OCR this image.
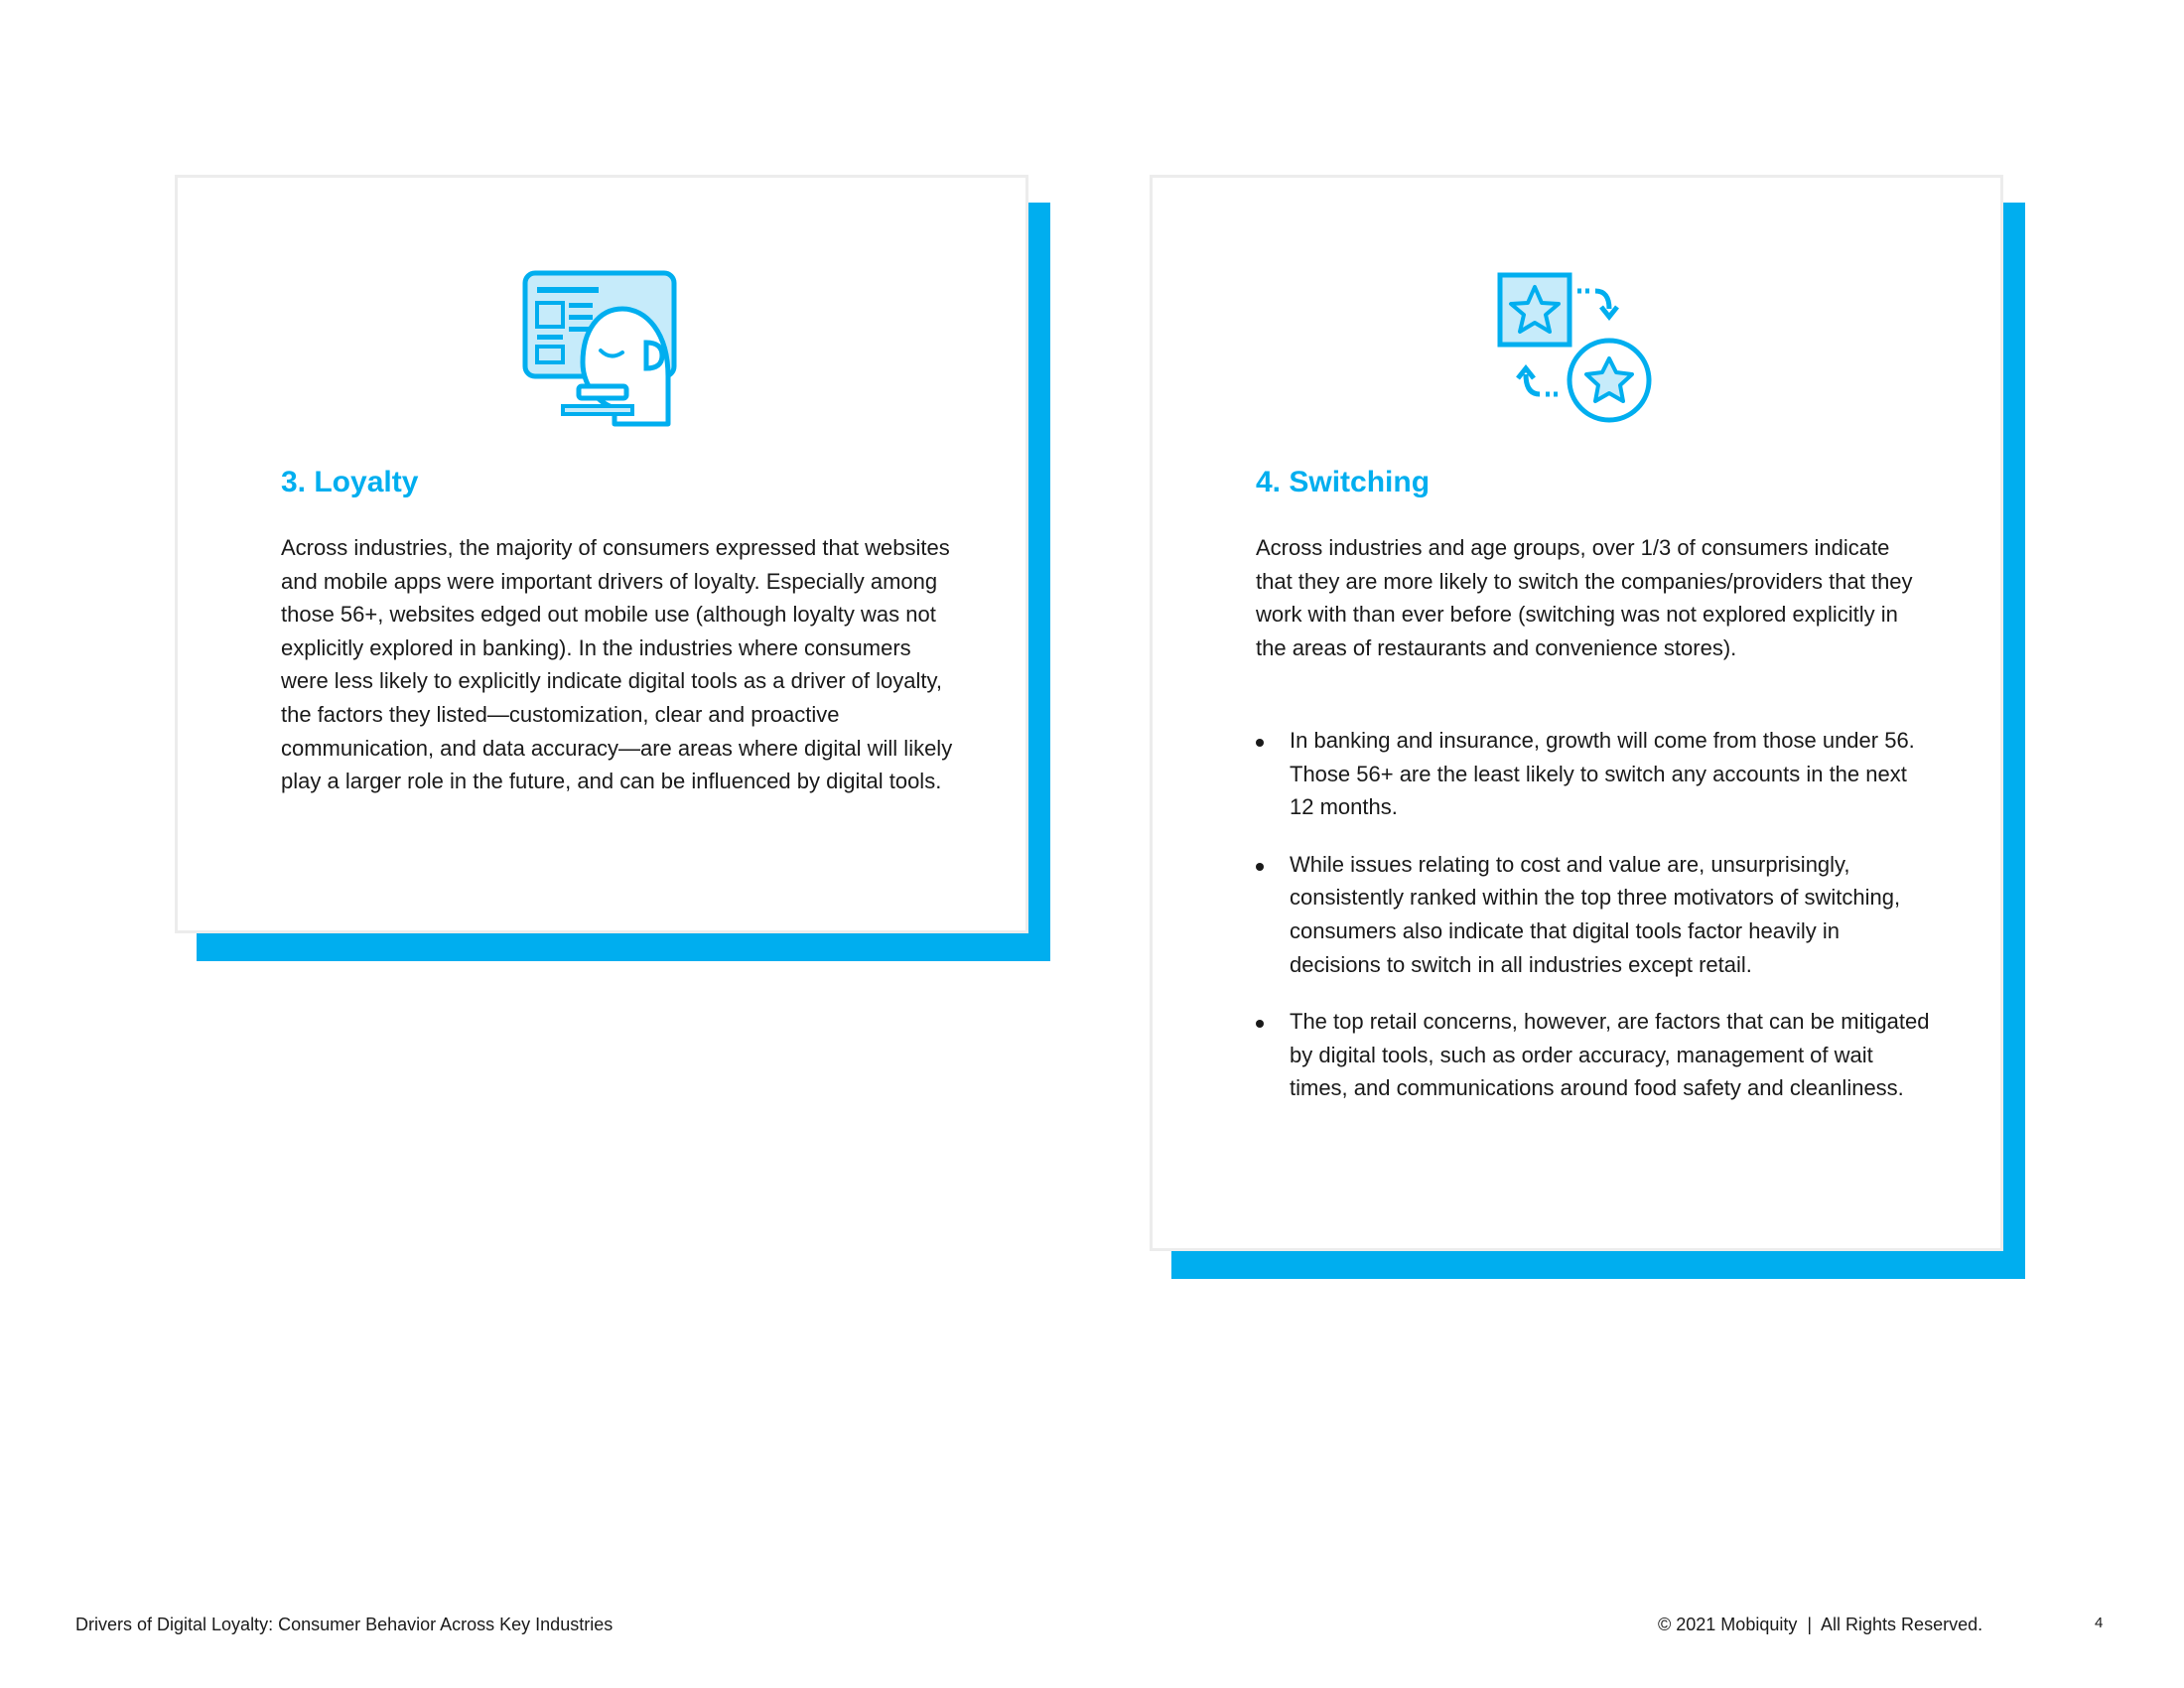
3. Loyalty

Across industries, the majority of consumers expressed that websites and mobile apps were important drivers of loyalty. Especially among those 56+, websites edged out mobile use (although loyalty was not explicitly explored in banking). In the industries where consumers were less likely to explicitly indicate digital tools as a driver of loyalty, the factors they listed—customization, clear and proactive communication, and data accuracy—are areas where digital will likely play a larger role in the future, and can be influenced by digital tools.

4. Switching

Across industries and age groups, over 1/3 of consumers indicate that they are more likely to switch the companies/providers that they work with than ever before (switching was not explored explicitly in the areas of restaurants and convenience stores).

In banking and insurance, growth will come from those under 56. Those 56+ are the least likely to switch any accounts in the next 12 months.
While issues relating to cost and value are, unsurprisingly, consistently ranked within the top three motivators of switching, consumers also indicate that digital tools factor heavily in decisions to switch in all industries except retail.
The top retail concerns, however, are factors that can be mitigated by digital tools, such as order accuracy, management of wait times, and communications around food safety and cleanliness.

Drivers of Digital Loyalty: Consumer Behavior Across Key Industries	© 2021 Mobiquity  |  All Rights Reserved.	4
